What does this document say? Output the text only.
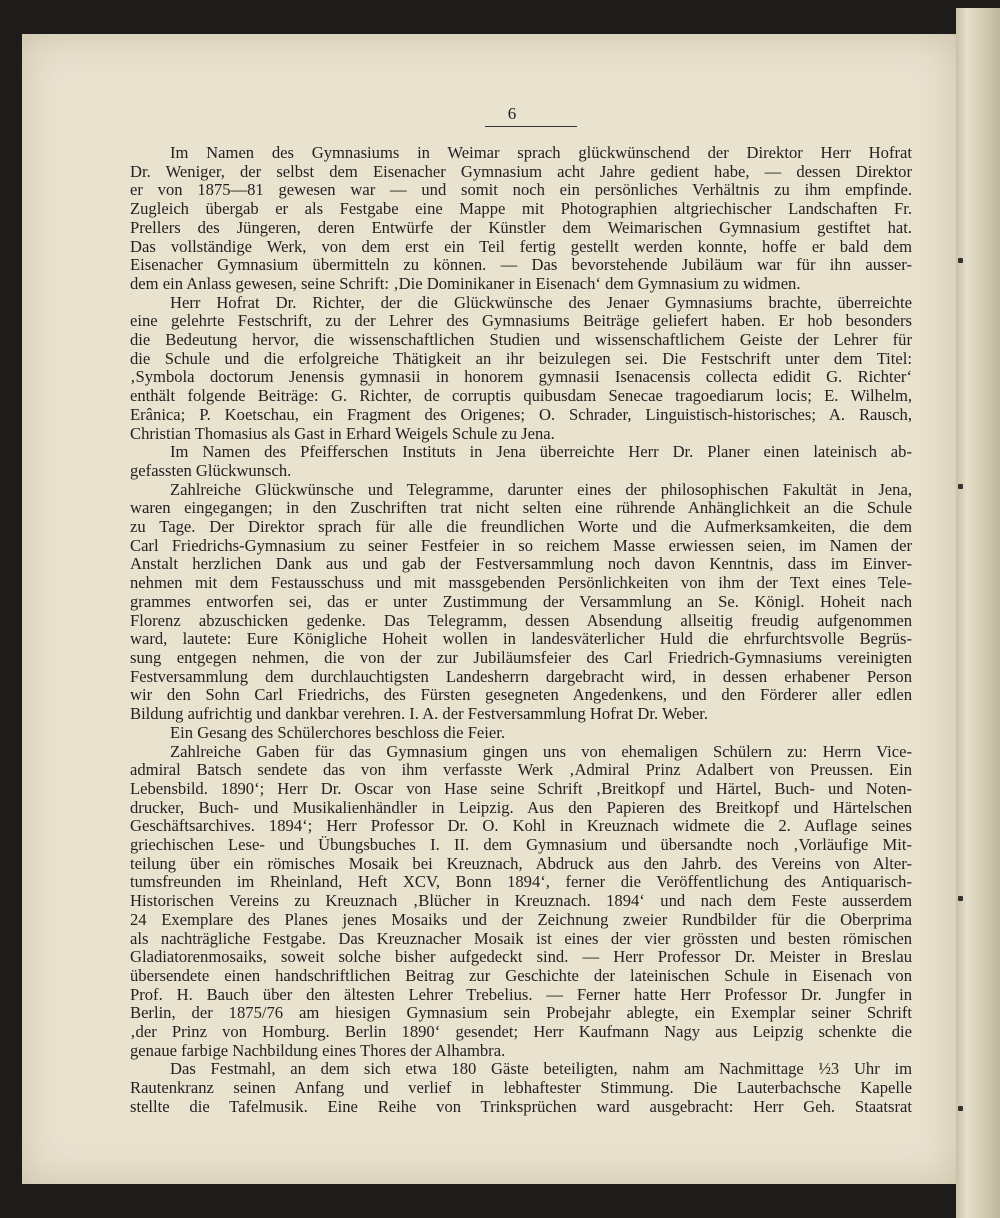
6
Im Namen des Gymnasiums in Weimar sprach glückwünschend der Direktor Herr Hofrat
Dr. Weniger, der selbst dem Eisenacher Gymnasium acht Jahre gedient habe, — dessen Direktor
er von 1875—81 gewesen war — und somit noch ein persönliches Verhältnis zu ihm empfinde.
Zugleich übergab er als Festgabe eine Mappe mit Photographien altgriechischer Landschaften Fr.
Prellers des Jüngeren, deren Entwürfe der Künstler dem Weimarischen Gymnasium gestiftet hat.
Das vollständige Werk, von dem erst ein Teil fertig gestellt werden konnte, hoffe er bald dem
Eisenacher Gymnasium übermitteln zu können. — Das bevorstehende Jubiläum war für ihn ausser-
dem ein Anlass gewesen, seine Schrift: ‚Die Dominikaner in Eisenach‘ dem Gymnasium zu widmen.
Herr Hofrat Dr. Richter, der die Glückwünsche des Jenaer Gymnasiums brachte, überreichte
eine gelehrte Festschrift, zu der Lehrer des Gymnasiums Beiträge geliefert haben. Er hob besonders
die Bedeutung hervor, die wissenschaftlichen Studien und wissenschaftlichem Geiste der Lehrer für
die Schule und die erfolgreiche Thätigkeit an ihr beizulegen sei. Die Festschrift unter dem Titel:
‚Symbola doctorum Jenensis gymnasii in honorem gymnasii Isenacensis collecta edidit G. Richter‘
enthält folgende Beiträge: G. Richter, de corruptis quibusdam Senecae tragoediarum locis; E. Wilhelm,
Erânica; P. Koetschau, ein Fragment des Origenes; O. Schrader, Linguistisch-historisches; A. Rausch,
Christian Thomasius als Gast in Erhard Weigels Schule zu Jena.
Im Namen des Pfeifferschen Instituts in Jena überreichte Herr Dr. Planer einen lateinisch ab-
gefassten Glückwunsch.
Zahlreiche Glückwünsche und Telegramme, darunter eines der philosophischen Fakultät in Jena,
waren eingegangen; in den Zuschriften trat nicht selten eine rührende Anhänglichkeit an die Schule
zu Tage. Der Direktor sprach für alle die freundlichen Worte und die Aufmerksamkeiten, die dem
Carl Friedrichs-Gymnasium zu seiner Festfeier in so reichem Masse erwiessen seien, im Namen der
Anstalt herzlichen Dank aus und gab der Festversammlung noch davon Kenntnis, dass im Einver-
nehmen mit dem Festausschuss und mit massgebenden Persönlichkeiten von ihm der Text eines Tele-
grammes entworfen sei, das er unter Zustimmung der Versammlung an Se. Königl. Hoheit nach
Florenz abzuschicken gedenke. Das Telegramm, dessen Absendung allseitig freudig aufgenommen
ward, lautete: Eure Königliche Hoheit wollen in landesväterlicher Huld die ehrfurchtsvolle Begrüs-
sung entgegen nehmen, die von der zur Jubiläumsfeier des Carl Friedrich-Gymnasiums vereinigten
Festversammlung dem durchlauchtigsten Landesherrn dargebracht wird, in dessen erhabener Person
wir den Sohn Carl Friedrichs, des Fürsten gesegneten Angedenkens, und den Förderer aller edlen
Bildung aufrichtig und dankbar verehren. I. A. der Festversammlung Hofrat Dr. Weber.
Ein Gesang des Schülerchores beschloss die Feier.
Zahlreiche Gaben für das Gymnasium gingen uns von ehemaligen Schülern zu: Herrn Vice-
admiral Batsch sendete das von ihm verfasste Werk ‚Admiral Prinz Adalbert von Preussen. Ein
Lebensbild. 1890‘; Herr Dr. Oscar von Hase seine Schrift ‚Breitkopf und Härtel, Buch- und Noten-
drucker, Buch- und Musikalienhändler in Leipzig. Aus den Papieren des Breitkopf und Härtelschen
Geschäftsarchives. 1894‘; Herr Professor Dr. O. Kohl in Kreuznach widmete die 2. Auflage seines
griechischen Lese- und Übungsbuches I. II. dem Gymnasium und übersandte noch ‚Vorläufige Mit-
teilung über ein römisches Mosaik bei Kreuznach, Abdruck aus den Jahrb. des Vereins von Alter-
tumsfreunden im Rheinland, Heft XCV, Bonn 1894‘, ferner die Veröffentlichung des Antiquarisch-
Historischen Vereins zu Kreuznach ‚Blücher in Kreuznach. 1894‘ und nach dem Feste ausserdem
24 Exemplare des Planes jenes Mosaiks und der Zeichnung zweier Rundbilder für die Oberprima
als nachträgliche Festgabe. Das Kreuznacher Mosaik ist eines der vier grössten und besten römischen
Gladiatorenmosaiks, soweit solche bisher aufgedeckt sind. — Herr Professor Dr. Meister in Breslau
übersendete einen handschriftlichen Beitrag zur Geschichte der lateinischen Schule in Eisenach von
Prof. H. Bauch über den ältesten Lehrer Trebelius. — Ferner hatte Herr Professor Dr. Jungfer in
Berlin, der 1875/76 am hiesigen Gymnasium sein Probejahr ablegte, ein Exemplar seiner Schrift
‚der Prinz von Homburg. Berlin 1890‘ gesendet; Herr Kaufmann Nagy aus Leipzig schenkte die
genaue farbige Nachbildung eines Thores der Alhambra.
Das Festmahl, an dem sich etwa 180 Gäste beteiligten, nahm am Nachmittage ½3 Uhr im
Rautenkranz seinen Anfang und verlief in lebhaftester Stimmung. Die Lauterbachsche Kapelle
stellte die Tafelmusik. Eine Reihe von Trinksprüchen ward ausgebracht: Herr Geh. Staatsrat
